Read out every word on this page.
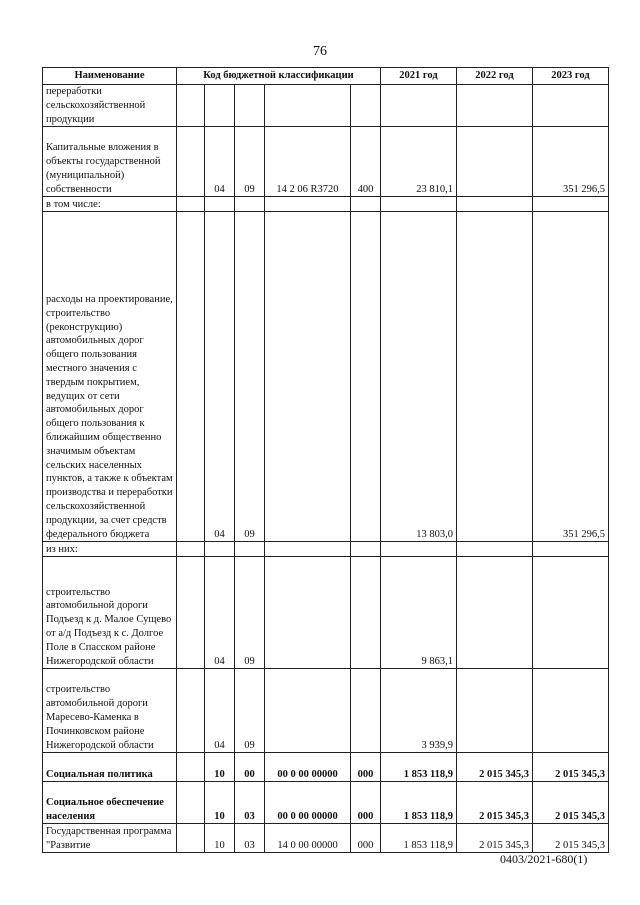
76
Наименование	Код бюджетной классификации					2021 год	2022 год	2023 год
переработки сельскохозяйственной продукции								
Капитальные вложения в объекты государственной (муниципальной) собственности		04	09	14 2 06 R3720	400	23 810,1		351 296,5
в том числе:								
расходы на проектирование, строительство (реконструкцию) автомобильных дорог общего пользования местного значения с твердым покрытием, ведущих от сети автомобильных дорог общего пользования к ближайшим общественно значимым объектам сельских населенных пунктов, а также к объектам производства и переработки сельскохозяйственной продукции, за счет средств федерального бюджета		04	09			13 803,0		351 296,5
из них:								
строительство автомобильной дороги Подъезд к д. Малое Сущево от а/д Подъезд к с. Долгое Поле в Спасском районе Нижегородской области		04	09			9 863,1		
строительство автомобильной дороги Маресево-Каменка в Починковском районе Нижегородской области		04	09			3 939,9		
Социальная политика		10	00	00 0 00 00000	000	1 853 118,9	2 015 345,3	2 015 345,3
Социальное обеспечение населения		10	03	00 0 00 00000	000	1 853 118,9	2 015 345,3	2 015 345,3
Государственная программа "Развитие		10	03	14 0 00 00000	000	1 853 118,9	2 015 345,3	2 015 345,3
0403/2021-680(1)
